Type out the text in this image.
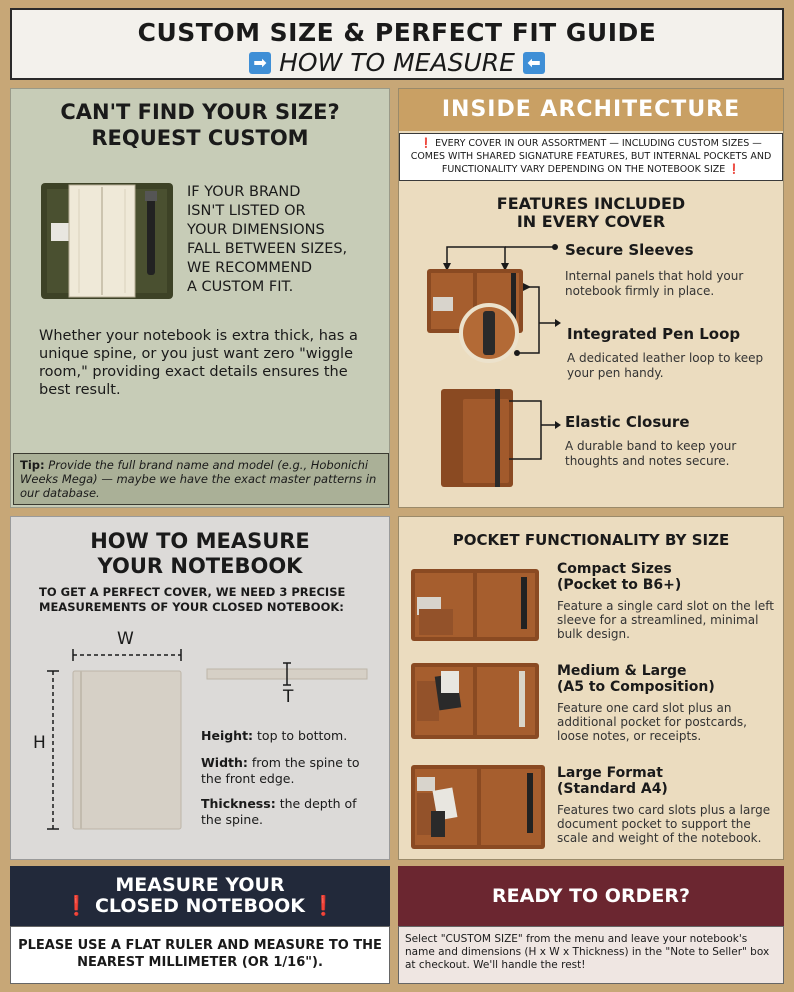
CUSTOM SIZE & PERFECT FIT GUIDE
➡ HOW TO MEASURE ⬅
CAN'T FIND YOUR SIZE?
REQUEST CUSTOM
IF YOUR BRAND
ISN'T LISTED OR
YOUR DIMENSIONS
FALL BETWEEN SIZES,
WE RECOMMEND
A CUSTOM FIT.
Whether your notebook is extra thick, has a unique spine, or you just want zero "wiggle room," providing exact details ensures the best result.
Tip: Provide the full brand name and model (e.g., Hobonichi Weeks Mega) — maybe we have the exact master patterns in our database.
INSIDE ARCHITECTURE
❗ EVERY COVER IN OUR ASSORTMENT — INCLUDING CUSTOM SIZES — COMES WITH SHARED SIGNATURE FEATURES, BUT INTERNAL POCKETS AND FUNCTIONALITY VARY DEPENDING ON THE NOTEBOOK SIZE ❗
FEATURES INCLUDED
IN EVERY COVER
Secure Sleeves
Internal panels that hold your notebook firmly in place.
Integrated Pen Loop
A dedicated leather loop to keep your pen handy.
Elastic Closure
A durable band to keep your thoughts and notes secure.
HOW TO MEASURE
YOUR NOTEBOOK
TO GET A PERFECT COVER, WE NEED 3 PRECISE MEASUREMENTS OF YOUR CLOSED NOTEBOOK:
W
H
T
Height: top to bottom.
Width: from the spine to the front edge.
Thickness: the depth of the spine.
POCKET FUNCTIONALITY BY SIZE
Compact Sizes
(Pocket to B6+)
Feature a single card slot on the left sleeve for a streamlined, minimal bulk design.
Medium & Large
(A5 to Composition)
Feature one card slot plus an additional pocket for postcards, loose notes, or receipts.
Large Format
(Standard A4)
Features two card slots plus a large document pocket to support the scale and weight of the notebook.
MEASURE YOUR
❗ CLOSED NOTEBOOK ❗
PLEASE USE A FLAT RULER AND MEASURE TO THE NEAREST MILLIMETER (OR 1/16").
READY TO ORDER?
Select "CUSTOM SIZE" from the menu and leave your notebook's name and dimensions (H x W x Thickness) in the "Note to Seller" box at checkout. We'll handle the rest!
